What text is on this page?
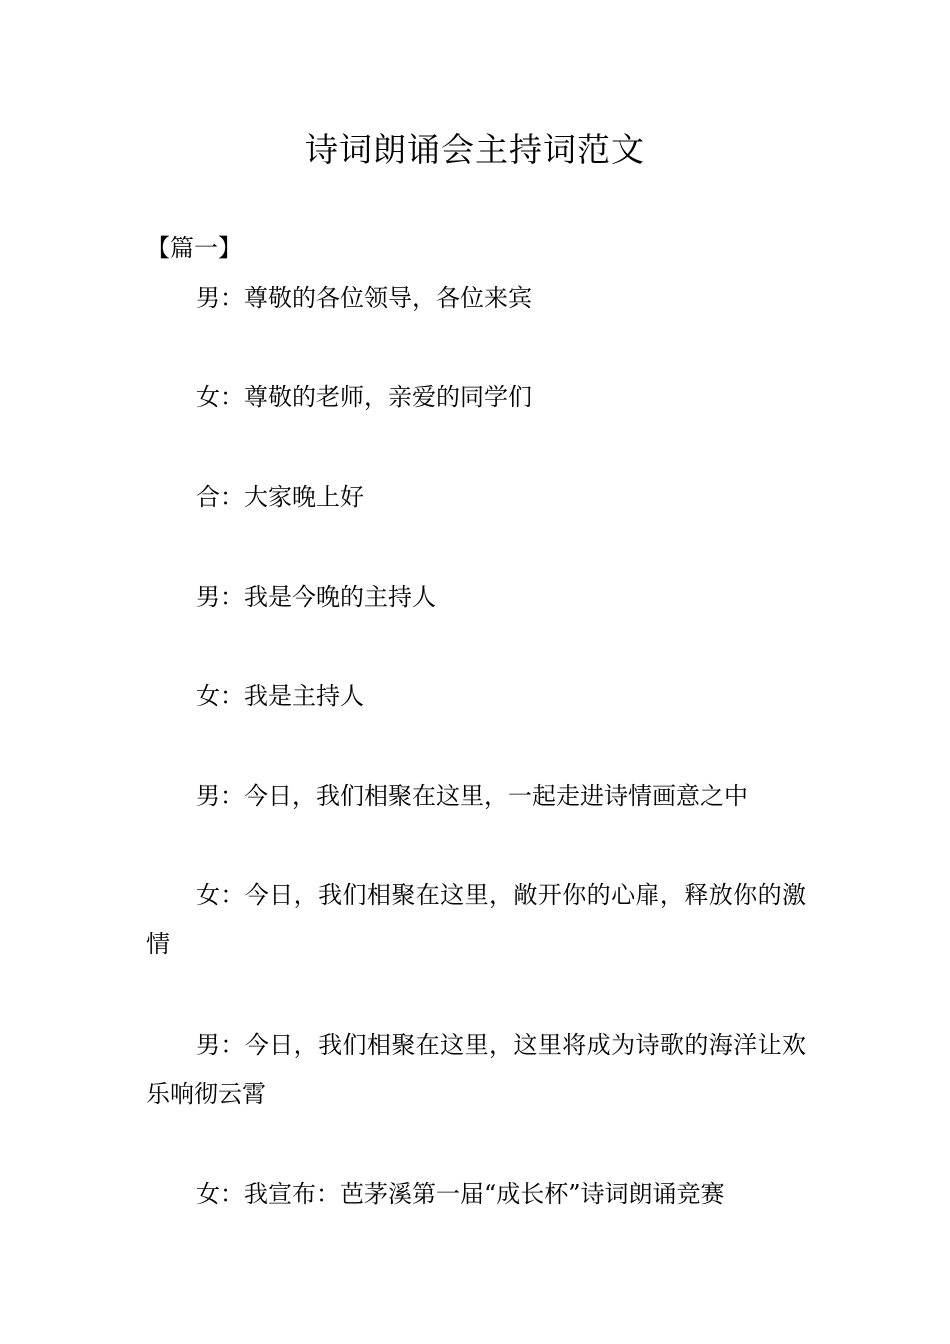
诗词朗诵会主持词范文

【篇一】

男：尊敬的各位领导，各位来宾

女：尊敬的老师，亲爱的同学们

合：大家晚上好

男：我是今晚的主持人

女：我是主持人

男：今日，我们相聚在这里，一起走进诗情画意之中

女：今日，我们相聚在这里，敞开你的心扉，释放你的激情

男：今日，我们相聚在这里，这里将成为诗歌的海洋让欢乐响彻云霄

女：我宣布：芭茅溪第一届“成长杯”诗词朗诵竞赛
